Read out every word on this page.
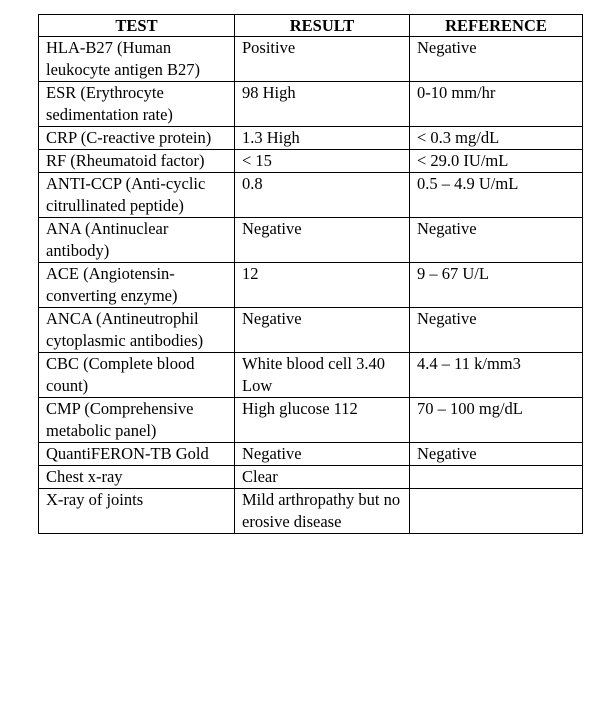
TEST	RESULT	REFERENCE
HLA-B27 (Human leukocyte antigen B27)	Positive	Negative
ESR (Erythrocyte sedimentation rate)	98 High	0-10 mm/hr
CRP (C-reactive protein)	1.3 High	< 0.3 mg/dL
RF (Rheumatoid factor)	< 15	< 29.0 IU/mL
ANTI-CCP (Anti-cyclic citrullinated peptide)	0.8	0.5 – 4.9 U/mL
ANA (Antinuclear antibody)	Negative	Negative
ACE (Angiotensin-converting enzyme)	12	9 – 67 U/L
ANCA (Antineutrophil cytoplasmic antibodies)	Negative	Negative
CBC (Complete blood count)	White blood cell 3.40 Low	4.4 – 11 k/mm3
CMP (Comprehensive metabolic panel)	High glucose 112	70 – 100 mg/dL
QuantiFERON-TB Gold	Negative	Negative
Chest x-ray	Clear	
X-ray of joints	Mild arthropathy but no erosive disease	
